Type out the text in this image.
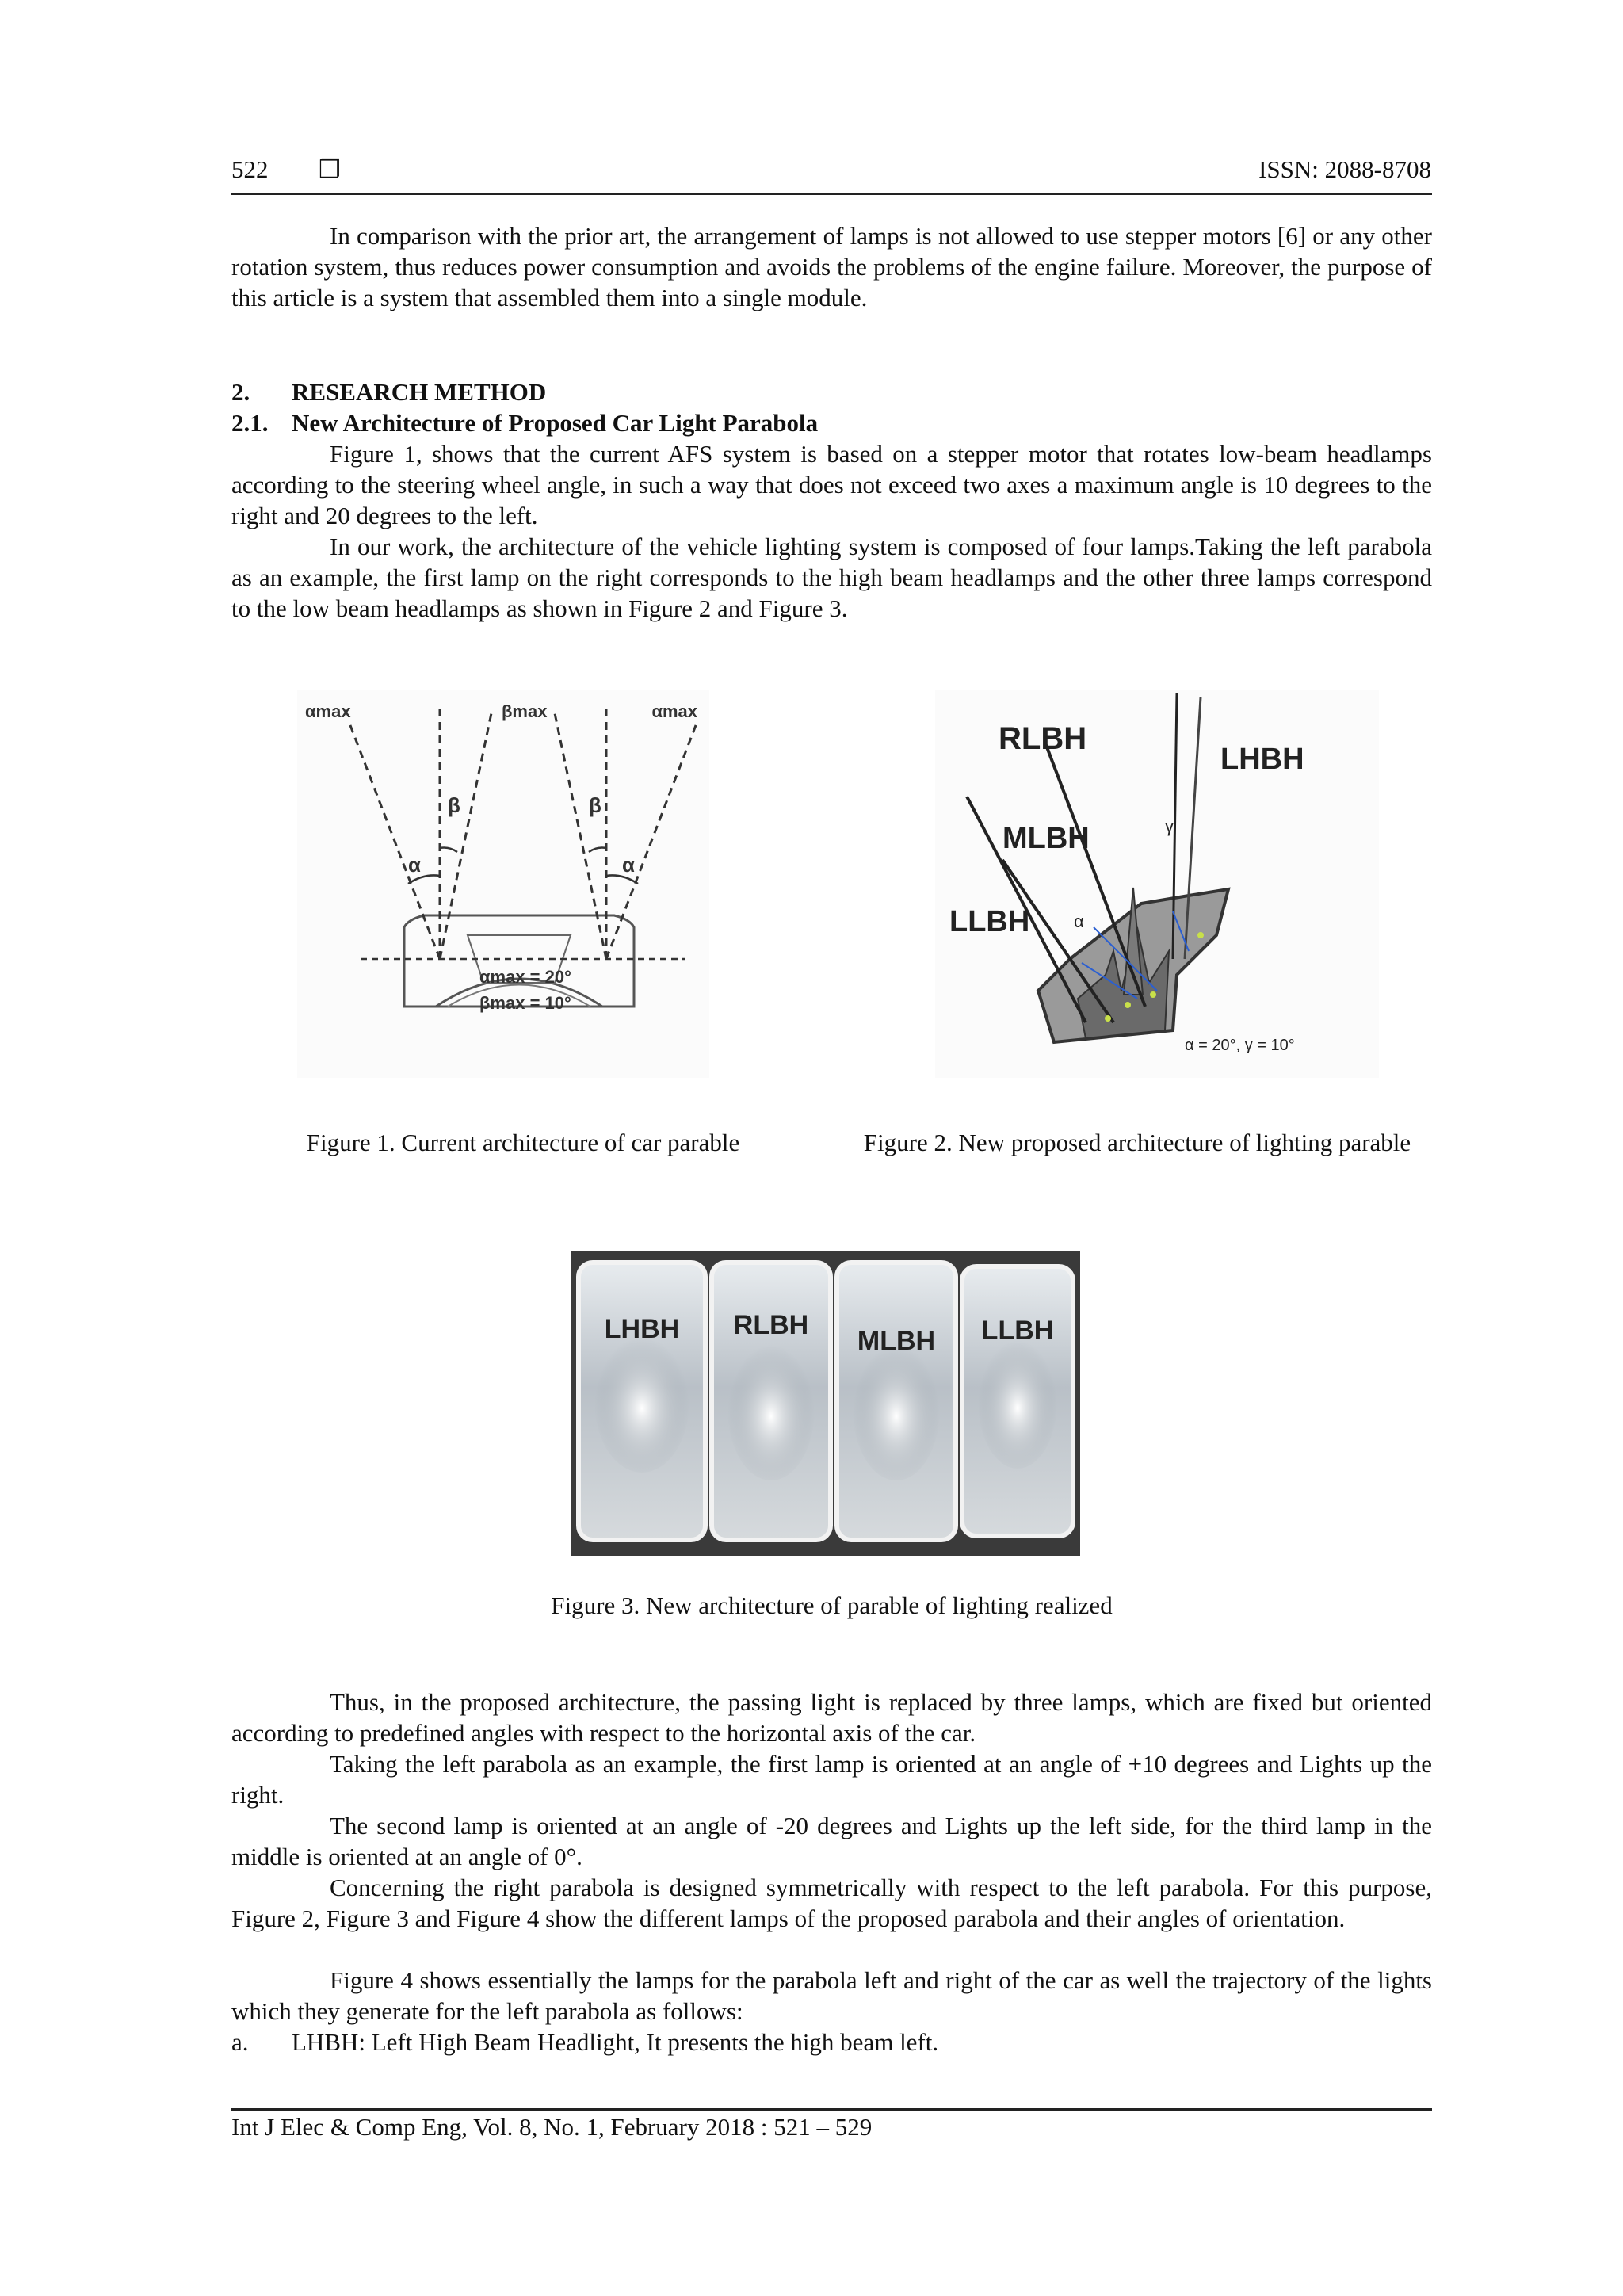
522 ❒	ISSN: 2088-8708
In comparison with the prior art, the arrangement of lamps is not allowed to use stepper motors [6] or any other rotation system, thus reduces power consumption and avoids the problems of the engine failure. Moreover, the purpose of this article is a system that assembled them into a single module.
2. RESEARCH METHOD
2.1. New Architecture of Proposed Car Light Parabola
Figure 1, shows that the current AFS system is based on a stepper motor that rotates low-beam headlamps according to the steering wheel angle, in such a way that does not exceed two axes a maximum angle is 10 degrees to the right and 20 degrees to the left.
In our work, the architecture of the vehicle lighting system is composed of four lamps.Taking the left parabola as an example, the first lamp on the right corresponds to the high beam headlamps and the other three lamps correspond to the low beam headlamps as shown in Figure 2 and Figure 3.
αmax	βmax	αmax
β	β
α	α
αmax = 20°
βmax = 10°
RLBH
LHBH
MLBH
LLBH
γ
α
α = 20°, γ = 10°
Figure 1. Current architecture of car parable	Figure 2. New proposed architecture of lighting parable
LHBH RLBH
MLBH LLBH
Figure 3. New architecture of parable of lighting realized
Thus, in the proposed architecture, the passing light is replaced by three lamps, which are fixed but oriented according to predefined angles with respect to the horizontal axis of the car.
Taking the left parabola as an example, the first lamp is oriented at an angle of +10 degrees and Lights up the right.
The second lamp is oriented at an angle of -20 degrees and Lights up the left side, for the third lamp in the middle is oriented at an angle of 0°.
Concerning the right parabola is designed symmetrically with respect to the left parabola. For this purpose, Figure 2, Figure 3 and Figure 4 show the different lamps of the proposed parabola and their angles of orientation.
Figure 4 shows essentially the lamps for the parabola left and right of the car as well the trajectory of the lights which they generate for the left parabola as follows:
a. LHBH: Left High Beam Headlight, It presents the high beam left.
Int J Elec & Comp Eng, Vol. 8, No. 1, February 2018 : 521 – 529
